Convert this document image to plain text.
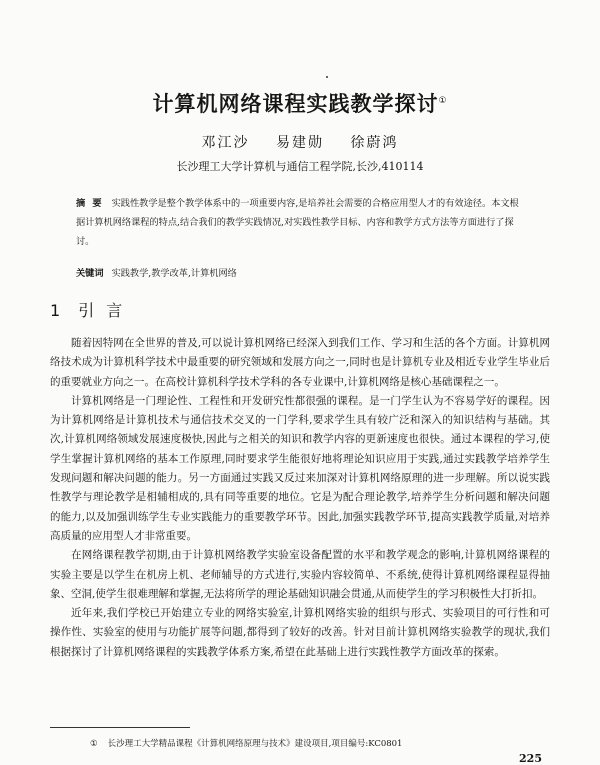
计算机网络课程实践教学探讨①
邓江沙 易建勋 徐蔚鸿
长沙理工大学计算机与通信工程学院,长沙,410114
摘 要 实践性教学是整个教学体系中的一项重要内容,是培养社会需要的合格应用型人才的有效途径。本文根据计算机网络课程的特点,结合我们的教学实践情况,对实践性教学目标、内容和教学方式方法等方面进行了探讨。
关键词 实践教学,教学改革,计算机网络
1 引言

随着因特网在全世界的普及,可以说计算机网络已经深入到我们工作、学习和生活的各个方面。计算机网络技术成为计算机科学技术中最重要的研究领域和发展方向之一,同时也是计算机专业及相近专业学生毕业后的重要就业方向之一。在高校计算机科学技术学科的各专业课中,计算机网络是核心基础课程之一。

计算机网络是一门理论性、工程性和开发研究性都很强的课程。是一门学生认为不容易学好的课程。因为计算机网络是计算机技术与通信技术交叉的一门学科,要求学生具有较广泛和深入的知识结构与基础。其次,计算机网络领域发展速度极快,因此与之相关的知识和教学内容的更新速度也很快。通过本课程的学习,使学生掌握计算机网络的基本工作原理,同时要求学生能很好地将理论知识应用于实践,通过实践教学培养学生发现问题和解决问题的能力。另一方面通过实践又反过来加深对计算机网络原理的进一步理解。所以说实践性教学与理论教学是相辅相成的,具有同等重要的地位。它是为配合理论教学,培养学生分析问题和解决问题的能力,以及加强训练学生专业实践能力的重要教学环节。因此,加强实践教学环节,提高实践教学质量,对培养高质量的应用型人才非常重要。

在网络课程教学初期,由于计算机网络教学实验室设备配置的水平和教学观念的影响,计算机网络课程的实验主要是以学生在机房上机、老师辅导的方式进行,实验内容较简单、不系统,使得计算机网络课程显得抽象、空洞,使学生很难理解和掌握,无法将所学的理论基础知识融会贯通,从而使学生的学习积极性大打折扣。

近年来,我们学校已开始建立专业的网络实验室,计算机网络实验的组织与形式、实验项目的可行性和可操作性、实验室的使用与功能扩展等问题,都得到了较好的改善。针对目前计算机网络实验教学的现状,我们根据探讨了计算机网络课程的实践教学体系方案,希望在此基础上进行实践性教学方面改革的探索。

① 长沙理工大学精品课程《计算机网络原理与技术》建设项目,项目编号:KC0801
225
